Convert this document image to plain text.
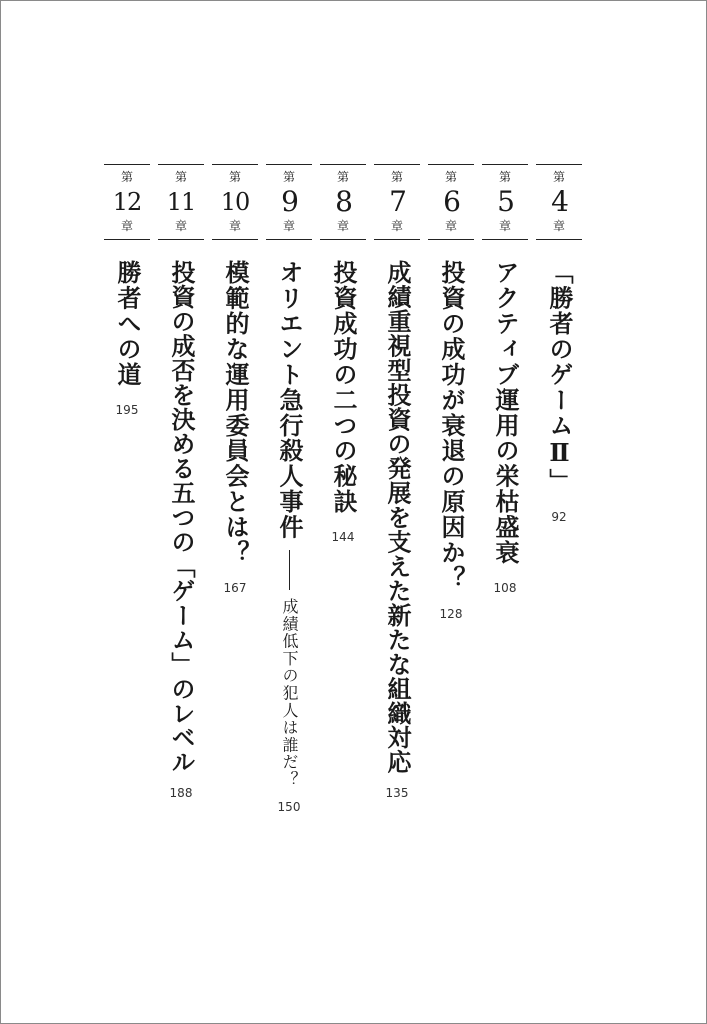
第
4
章
「勝者のゲームⅡ」
92
第
5
章
アクティブ運用の栄枯盛衰
108
第
6
章
投資の成功が衰退の原因か？
128
第
7
章
成績重視型投資の発展を支えた新たな組織対応
135
第
8
章
投資成功の二つの秘訣
144
第
9
章
オリエント急行殺人事件
成績低下の犯人は誰だ？
150
第
10
章
模範的な運用委員会とは？
167
第
11
章
投資の成否を決める五つの「ゲーム」のレベル
188
第
12
章
勝者への道
195
